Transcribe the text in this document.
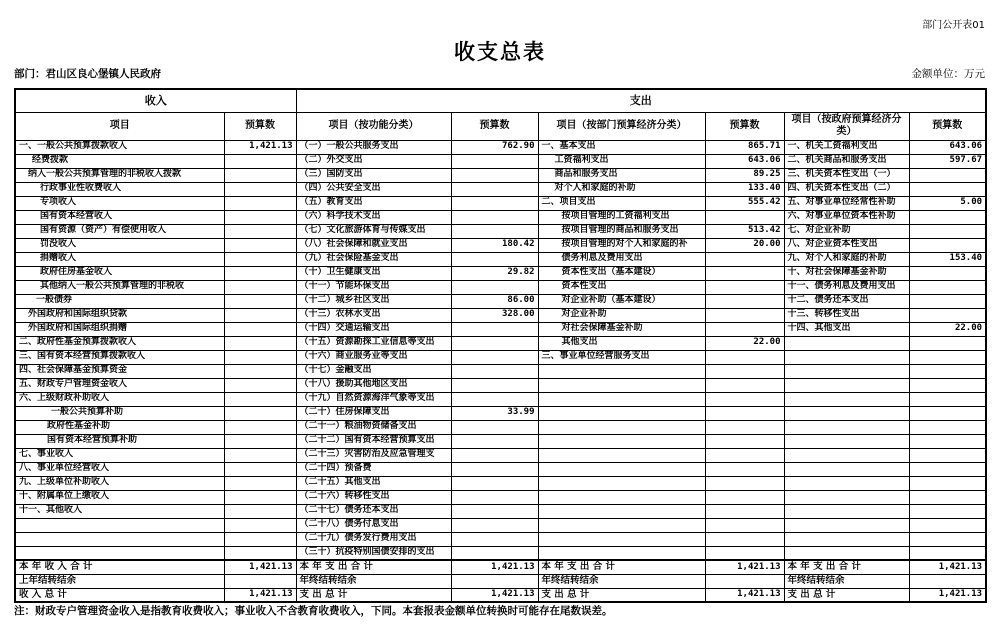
部门公开表01
收支总表
部门：君山区良心堡镇人民政府	金额单位：万元
收入		支出					
项目	预算数	项目（按功能分类）	预算数	项目（按部门预算经济分类）	预算数	项目（按政府预算经济分类）	预算数
一、一般公共预算拨款收入	1,421.13	（一）一般公共服务支出	762.90	一、基本支出	865.71	一、机关工资福利支出	643.06
经费拨款		（二）外交支出		工资福利支出	643.06	二、机关商品和服务支出	597.67
纳入一般公共预算管理的非税收入拨款		（三）国防支出		商品和服务支出	89.25	三、机关资本性支出（一）	
行政事业性收费收入		（四）公共安全支出		对个人和家庭的补助	133.40	四、机关资本性支出（二）	
专项收入		（五）教育支出		二、项目支出	555.42	五、对事业单位经常性补助	5.00
国有资本经营收入		（六）科学技术支出		按项目管理的工资福利支出		六、对事业单位资本性补助	
国有资源（资产）有偿使用收入		（七）文化旅游体育与传媒支出		按项目管理的商品和服务支出	513.42	七、对企业补助	
罚没收入		（八）社会保障和就业支出	180.42	按项目管理的对个人和家庭的补	20.00	八、对企业资本性支出	
捐赠收入		（九）社会保险基金支出		债务利息及费用支出		九、对个人和家庭的补助	153.40
政府住房基金收入		（十）卫生健康支出	29.82	资本性支出（基本建设）		十、对社会保障基金补助	
其他纳入一般公共预算管理的非税收		（十一）节能环保支出		资本性支出		十一、债务利息及费用支出	
一般债券		（十二）城乡社区支出	86.00	对企业补助（基本建设）		十二、债务还本支出	
外国政府和国际组织贷款		（十三）农林水支出	328.00	对企业补助		十三、转移性支出	
外国政府和国际组织捐赠		（十四）交通运输支出		对社会保障基金补助		十四、其他支出	22.00
二、政府性基金预算拨款收入		（十五）资源勘探工业信息等支出		其他支出	22.00		
三、国有资本经营预算拨款收入		（十六）商业服务业等支出		三、事业单位经营服务支出			
四、社会保障基金预算资金		（十七）金融支出					
五、财政专户管理资金收入		（十八）援助其他地区支出					
六、上级财政补助收入		（十九）自然资源海洋气象等支出					
一般公共预算补助		（二十）住房保障支出	33.99				
政府性基金补助		（二十一）粮油物资储备支出					
国有资本经营预算补助		（二十二）国有资本经营预算支出					
七、事业收入		（二十三）灾害防治及应急管理支					
八、事业单位经营收入		（二十四）预备费					
九、上级单位补助收入		（二十五）其他支出					
十、附属单位上缴收入		（二十六）转移性支出					
十一、其他收入		（二十七）债务还本支出					
		（二十八）债务付息支出					
		（二十九）债务发行费用支出					
		（三十）抗疫特别国债安排的支出					
本 年 收 入 合 计	1,421.13	本 年 支 出 合 计	1,421.13	本 年 支 出 合 计	1,421.13	本 年 支 出 合 计	1,421.13
上年结转结余		年终结转结余		年终结转结余		年终结转结余	
收 入 总 计	1,421.13	支 出 总 计	1,421.13	支 出 总 计	1,421.13	支 出 总 计	1,421.13
注：财政专户管理资金收入是指教育收费收入；事业收入不含教育收费收入，下同。本套报表金额单位转换时可能存在尾数误差。
